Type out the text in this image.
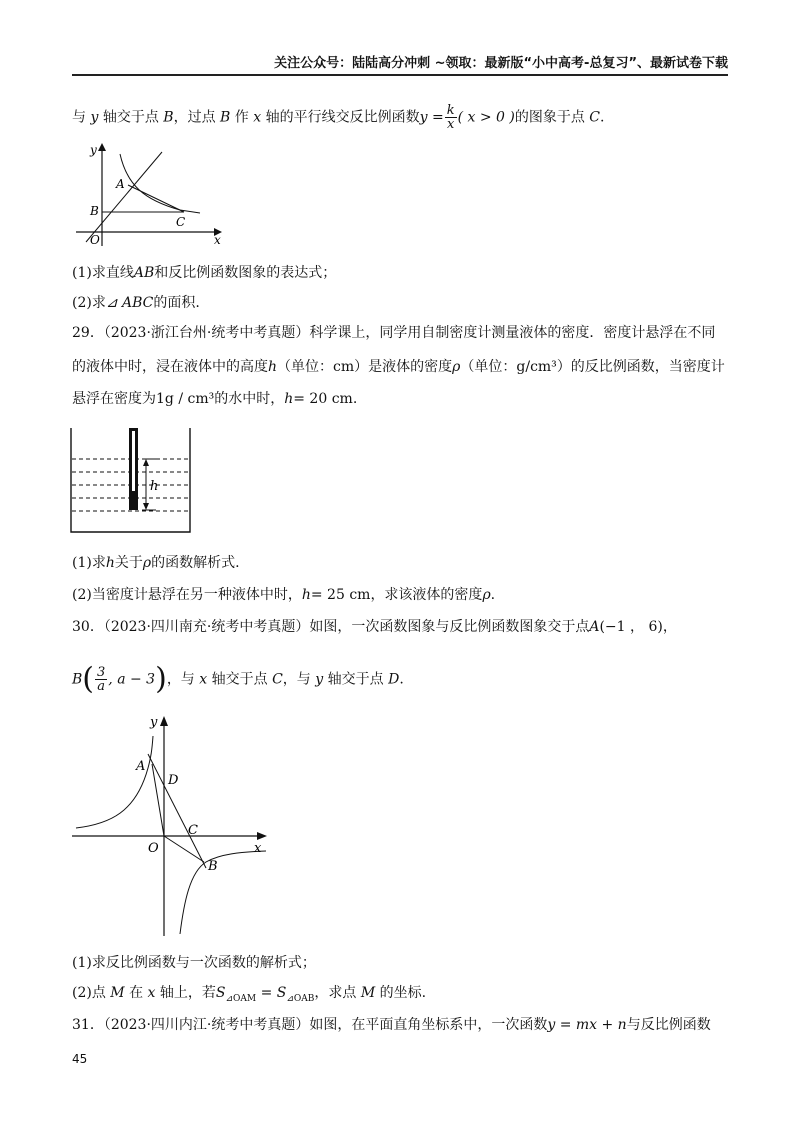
关注公众号：陆陆高分冲刺 ~领取：最新版“小中高考-总复习”、最新试卷下载
与 y 轴交于点 B，过点 B 作 x 轴的平行线交反比例函数$y = \frac{k}{x}$ ( x > 0 )的图象于点 C.
y
A
B
C
O	x
(1)求直线AB和反比例函数图象的表达式；
(2)求⊿ ABC的面积.
29．（2023·浙江台州·统考中考真题）科学课上，同学用自制密度计测量液体的密度．密度计悬浮在不同
的液体中时，浸在液体中的高度h（单位：cm）是液体的密度ρ（单位：g/cm³）的反比例函数，当密度计
悬浮在密度为1g / cm³的水中时，h= 20 cm.
h
(1)求h关于ρ的函数解析式.
(2)当密度计悬浮在另一种液体中时，h= 25 cm，求该液体的密度ρ.
30．（2023·四川南充·统考中考真题）如图，一次函数图象与反比例函数图象交于点A(−1 ， 6)，
$B( \frac{3}{a}$ , a − 3)，与 x 轴交于点 C，与 y 轴交于点 D.
y
A
D
C
O	x
B
(1)求反比例函数与一次函数的解析式；
(2)点 M 在 x 轴上，若$S_{⊿OAM} = S_{⊿OAB}$，求点 M 的坐标.
31．（2023·四川内江·统考中考真题）如图，在平面直角坐标系中，一次函数y = mx + n与反比例函数
45
